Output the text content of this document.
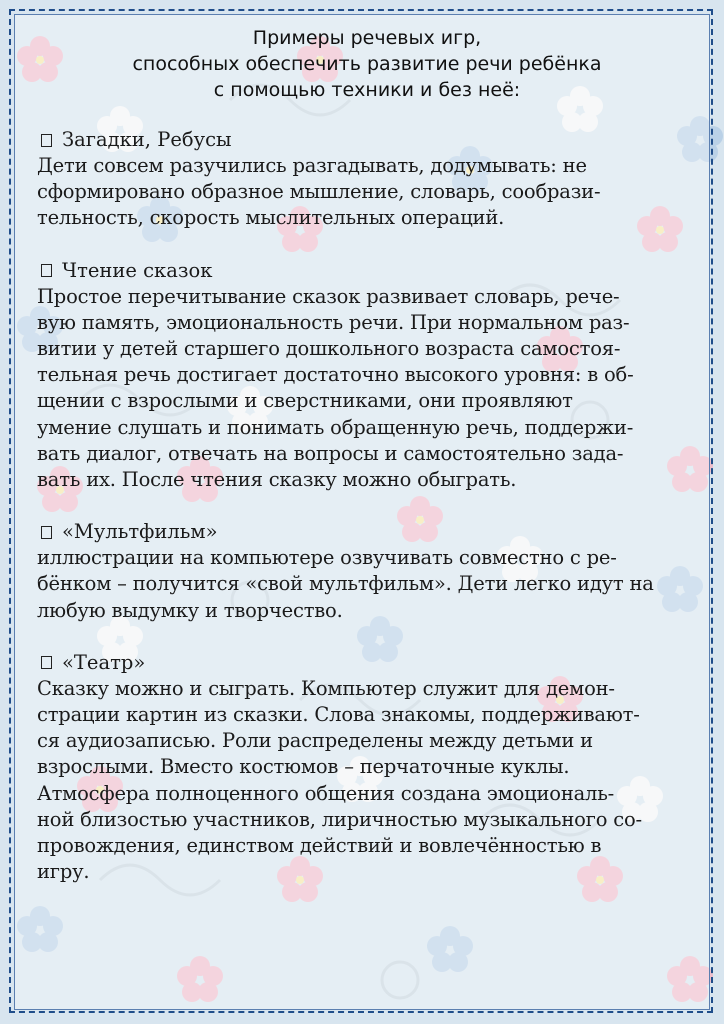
Примеры речевых игр,
способных обеспечить развитие речи ребёнка
с помощью техники и без неё:
Загадки, Ребусы
Дети совсем разучились разгадывать, додумывать: не
сформировано образное мышление, словарь, сообрази-
тельность, скорость мыслительных операций.
Чтение сказок
Простое перечитывание сказок развивает словарь, рече-
вую память, эмоциональность речи. При нормальном раз-
витии у детей старшего дошкольного возраста самостоя-
тельная речь достигает достаточно высокого уровня: в об-
щении с взрослыми и сверстниками, они проявляют
умение слушать и понимать обращенную речь, поддержи-
вать диалог, отвечать на вопросы и самостоятельно зада-
вать их. После чтения сказку можно обыграть.
«Мультфильм»
иллюстрации на компьютере озвучивать совместно с ре-
бёнком – получится «свой мультфильм». Дети легко идут на
любую выдумку и творчество.
«Театр»
Сказку можно и сыграть. Компьютер служит для демон-
страции картин из сказки. Слова знакомы, поддерживают-
ся аудиозаписью. Роли распределены между детьми и
взрослыми. Вместо костюмов – перчаточные куклы.
Атмосфера полноценного общения создана эмоциональ-
ной близостью участников, лиричностью музыкального со-
провождения, единством действий и вовлечённостью в
игру.
